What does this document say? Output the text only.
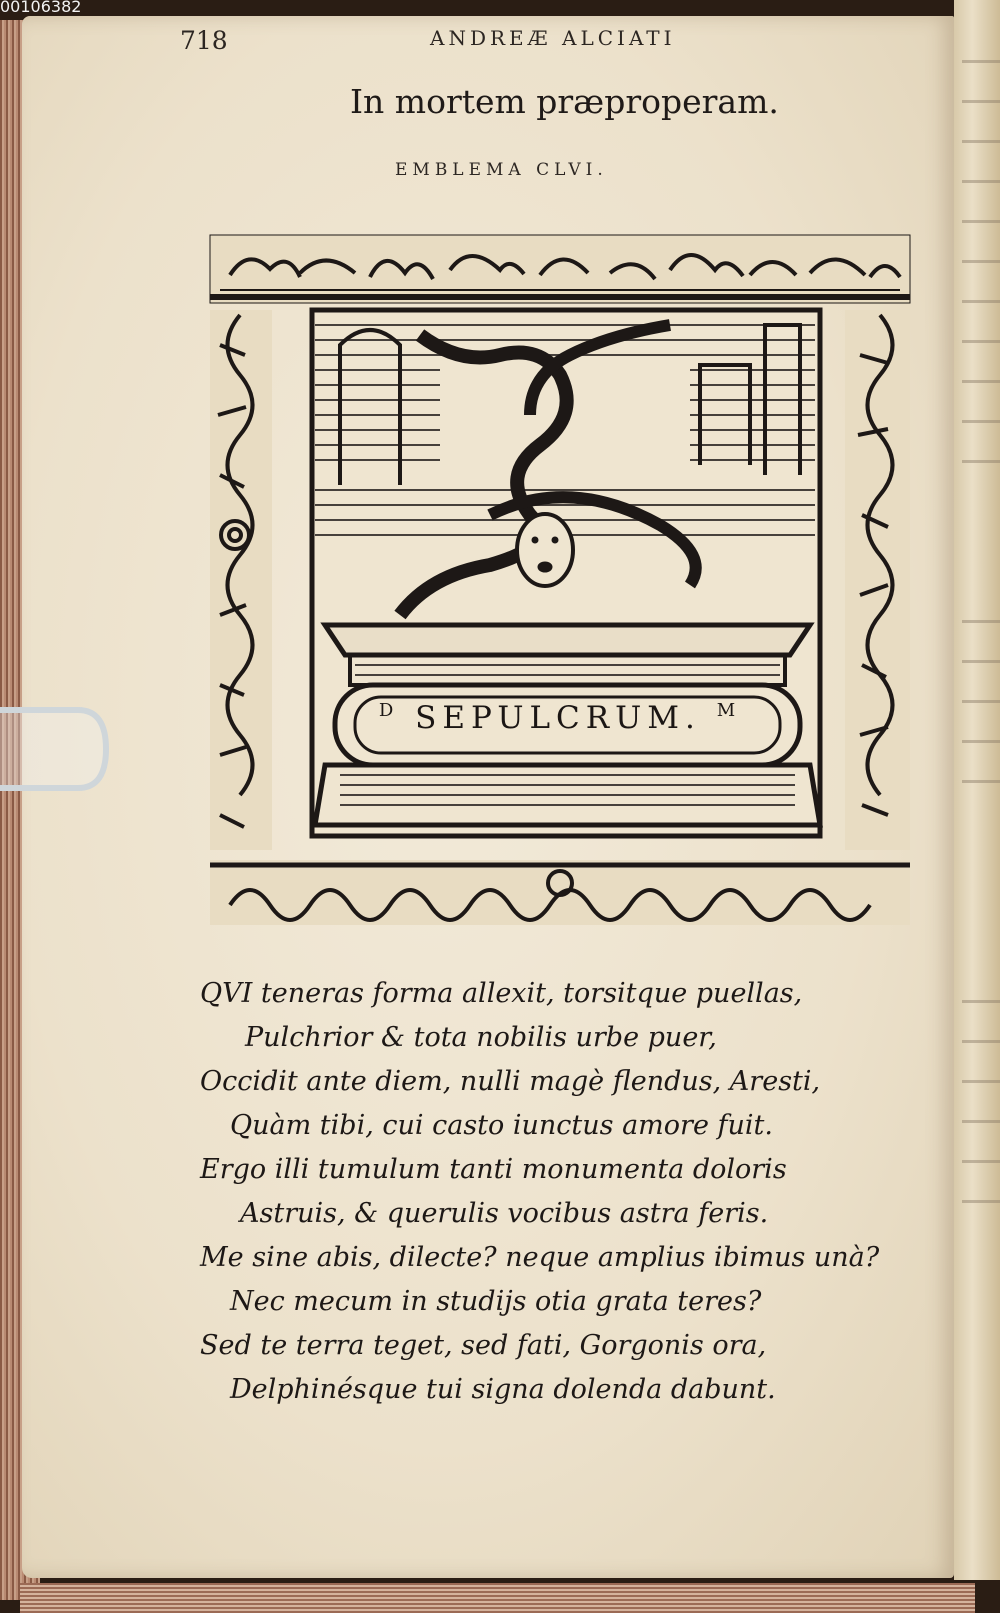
00106382
718	ANDREÆ ALCIATI
In mortem præproperam.
EMBLEMA CLVI.
$^D$ SEPULCRUM. $^M$
QVI teneras forma allexit, torsitque puellas,
Pulchrior & tota nobilis urbe puer,
Occidit ante diem, nulli magè flendus, Aresti,
Quàm tibi, cui casto iunctus amore fuit.
Ergo illi tumulum tanti monumenta doloris
Astruis, & querulis vocibus astra feris.
Me sine abis, dilecte? neque amplius ibimus unà?
Nec mecum in studijs otia grata teres?
Sed te terra teget, sed fati, Gorgonis ora,
Delphinésque tui signa dolenda dabunt.
